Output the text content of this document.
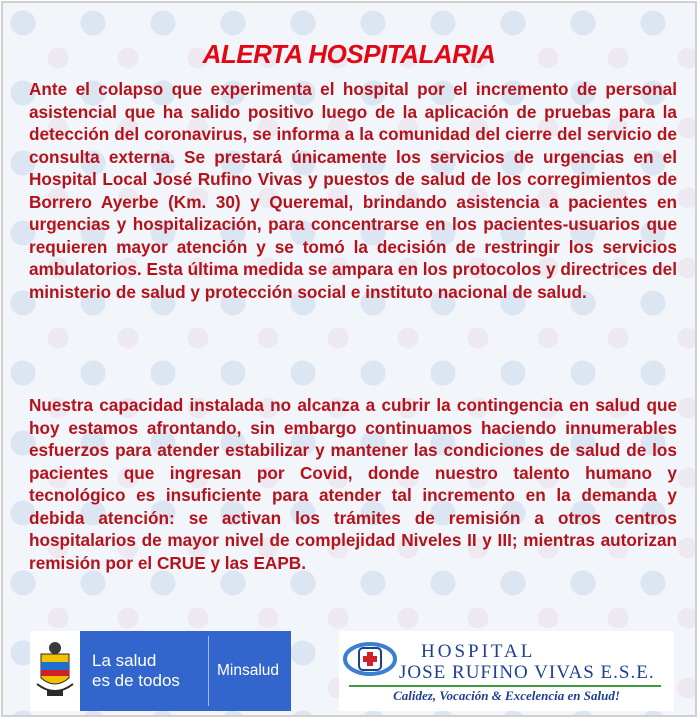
ALERTA HOSPITALARIA

Ante el colapso que experimenta el hospital por el incremento de personal asistencial que ha salido positivo luego de la aplicación de pruebas para la detección del coronavirus, se informa a la comunidad del cierre del servicio de consulta externa. Se prestará únicamente los servicios de urgencias en el Hospital Local José Rufino Vivas y puestos de salud de los corregimientos de Borrero Ayerbe (Km. 30) y Queremal, brindando asistencia a pacientes en urgencias y hospitalización, para concentrarse en los pacientes-usuarios que requieren mayor atención y se tomó la decisión de restringir los servicios ambulatorios. Esta última medida se ampara en los protocolos y directrices del ministerio de salud y protección social e instituto nacional de salud.

Nuestra capacidad instalada no alcanza a cubrir la contingencia en salud que hoy estamos afrontando, sin embargo continuamos haciendo innumerables esfuerzos para atender estabilizar y mantener las condiciones de salud de los pacientes que ingresan por Covid, donde nuestro talento humano y tecnológico es insuficiente para atender tal incremento en la demanda y debida atención: se activan los trámites de remisión a otros centros hospitalarios de mayor nivel de complejidad Niveles II y III; mientras autorizan remisión por el CRUE y las EAPB.

La salud
es de todos
Minsalud
HOSPITAL
JOSE RUFINO VIVAS E.S.E.
Calidez, Vocación & Excelencia en Salud!
